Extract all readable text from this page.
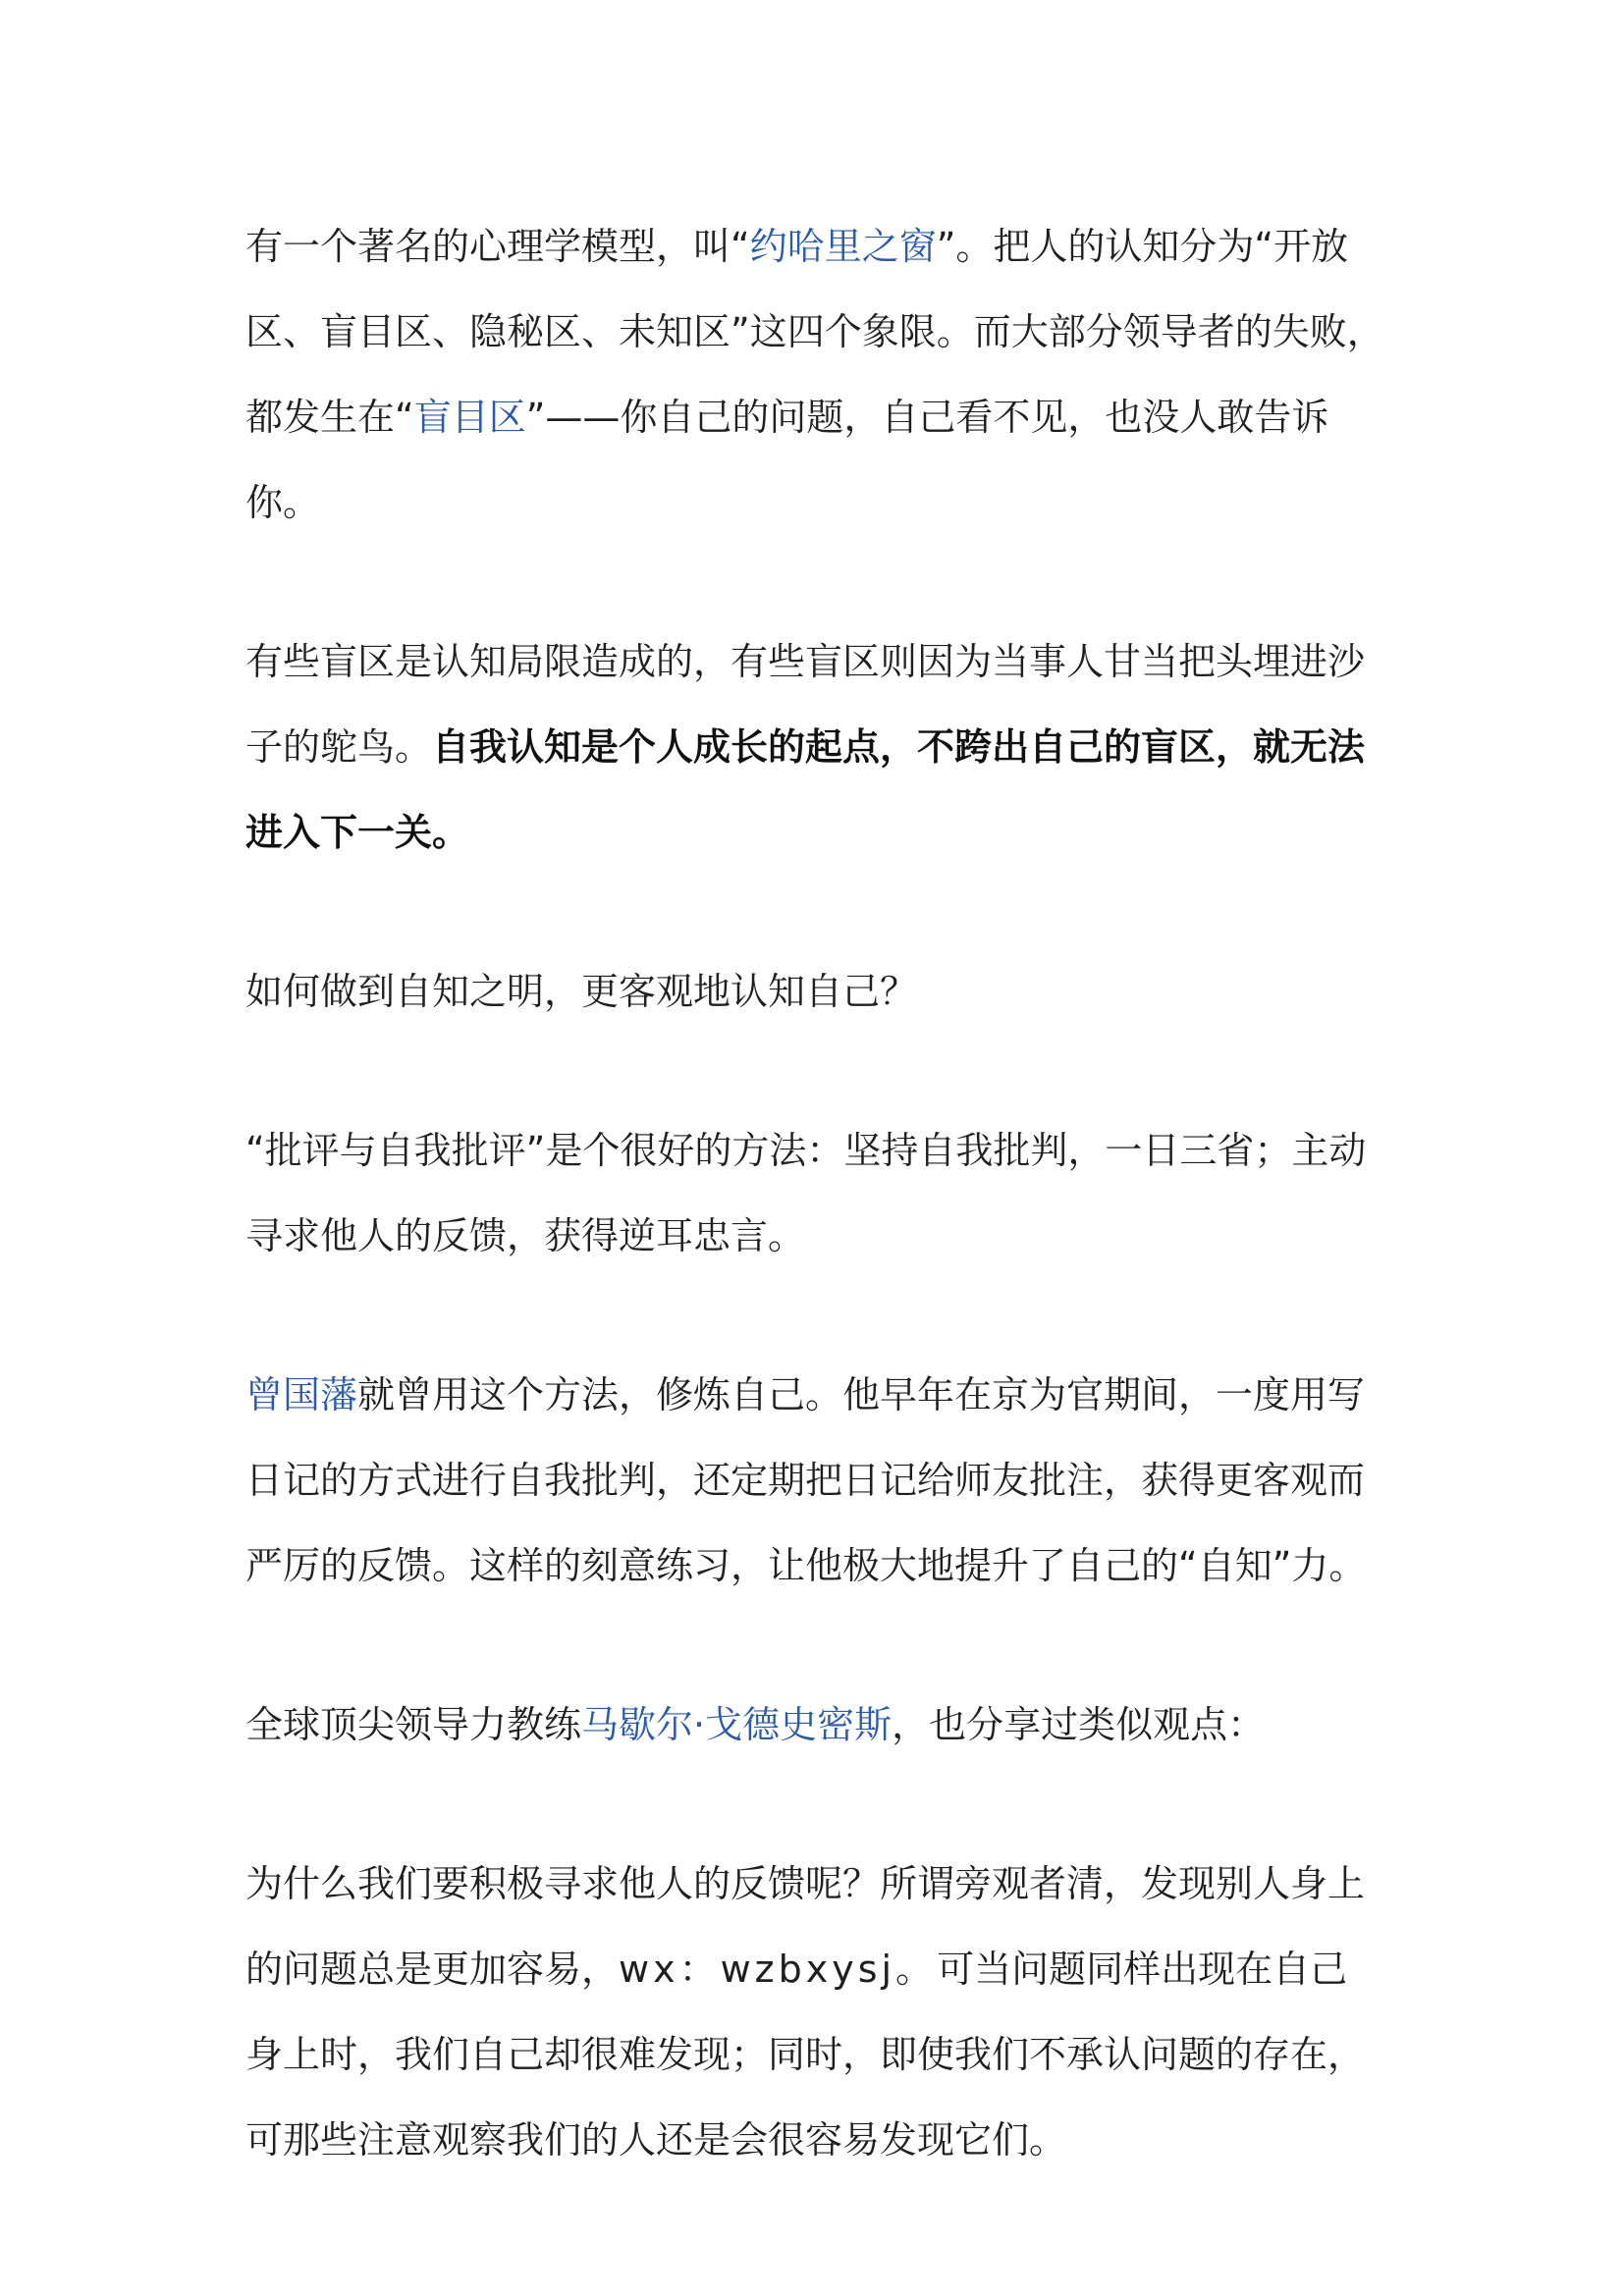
有一个著名的心理学模型，叫“约哈里之窗”。把人的认知分为“开放区、盲目区、隐秘区、未知区”这四个象限。而大部分领导者的失败，都发生在“盲目区”——你自己的问题，自己看不见，也没人敢告诉你。

有些盲区是认知局限造成的，有些盲区则因为当事人甘当把头埋进沙子的鸵鸟。自我认知是个人成长的起点，不跨出自己的盲区，就无法进入下一关。

如何做到自知之明，更客观地认知自己？

“批评与自我批评”是个很好的方法：坚持自我批判，一日三省；主动寻求他人的反馈，获得逆耳忠言。

曾国藩就曾用这个方法，修炼自己。他早年在京为官期间，一度用写日记的方式进行自我批判，还定期把日记给师友批注，获得更客观而严厉的反馈。这样的刻意练习，让他极大地提升了自己的“自知”力。

全球顶尖领导力教练马歇尔·戈德史密斯，也分享过类似观点：

为什么我们要积极寻求他人的反馈呢？所谓旁观者清，发现别人身上的问题总是更加容易，wx：wzbxysj。可当问题同样出现在自己身上时，我们自己却很难发现；同时，即使我们不承认问题的存在，可那些注意观察我们的人还是会很容易发现它们。
